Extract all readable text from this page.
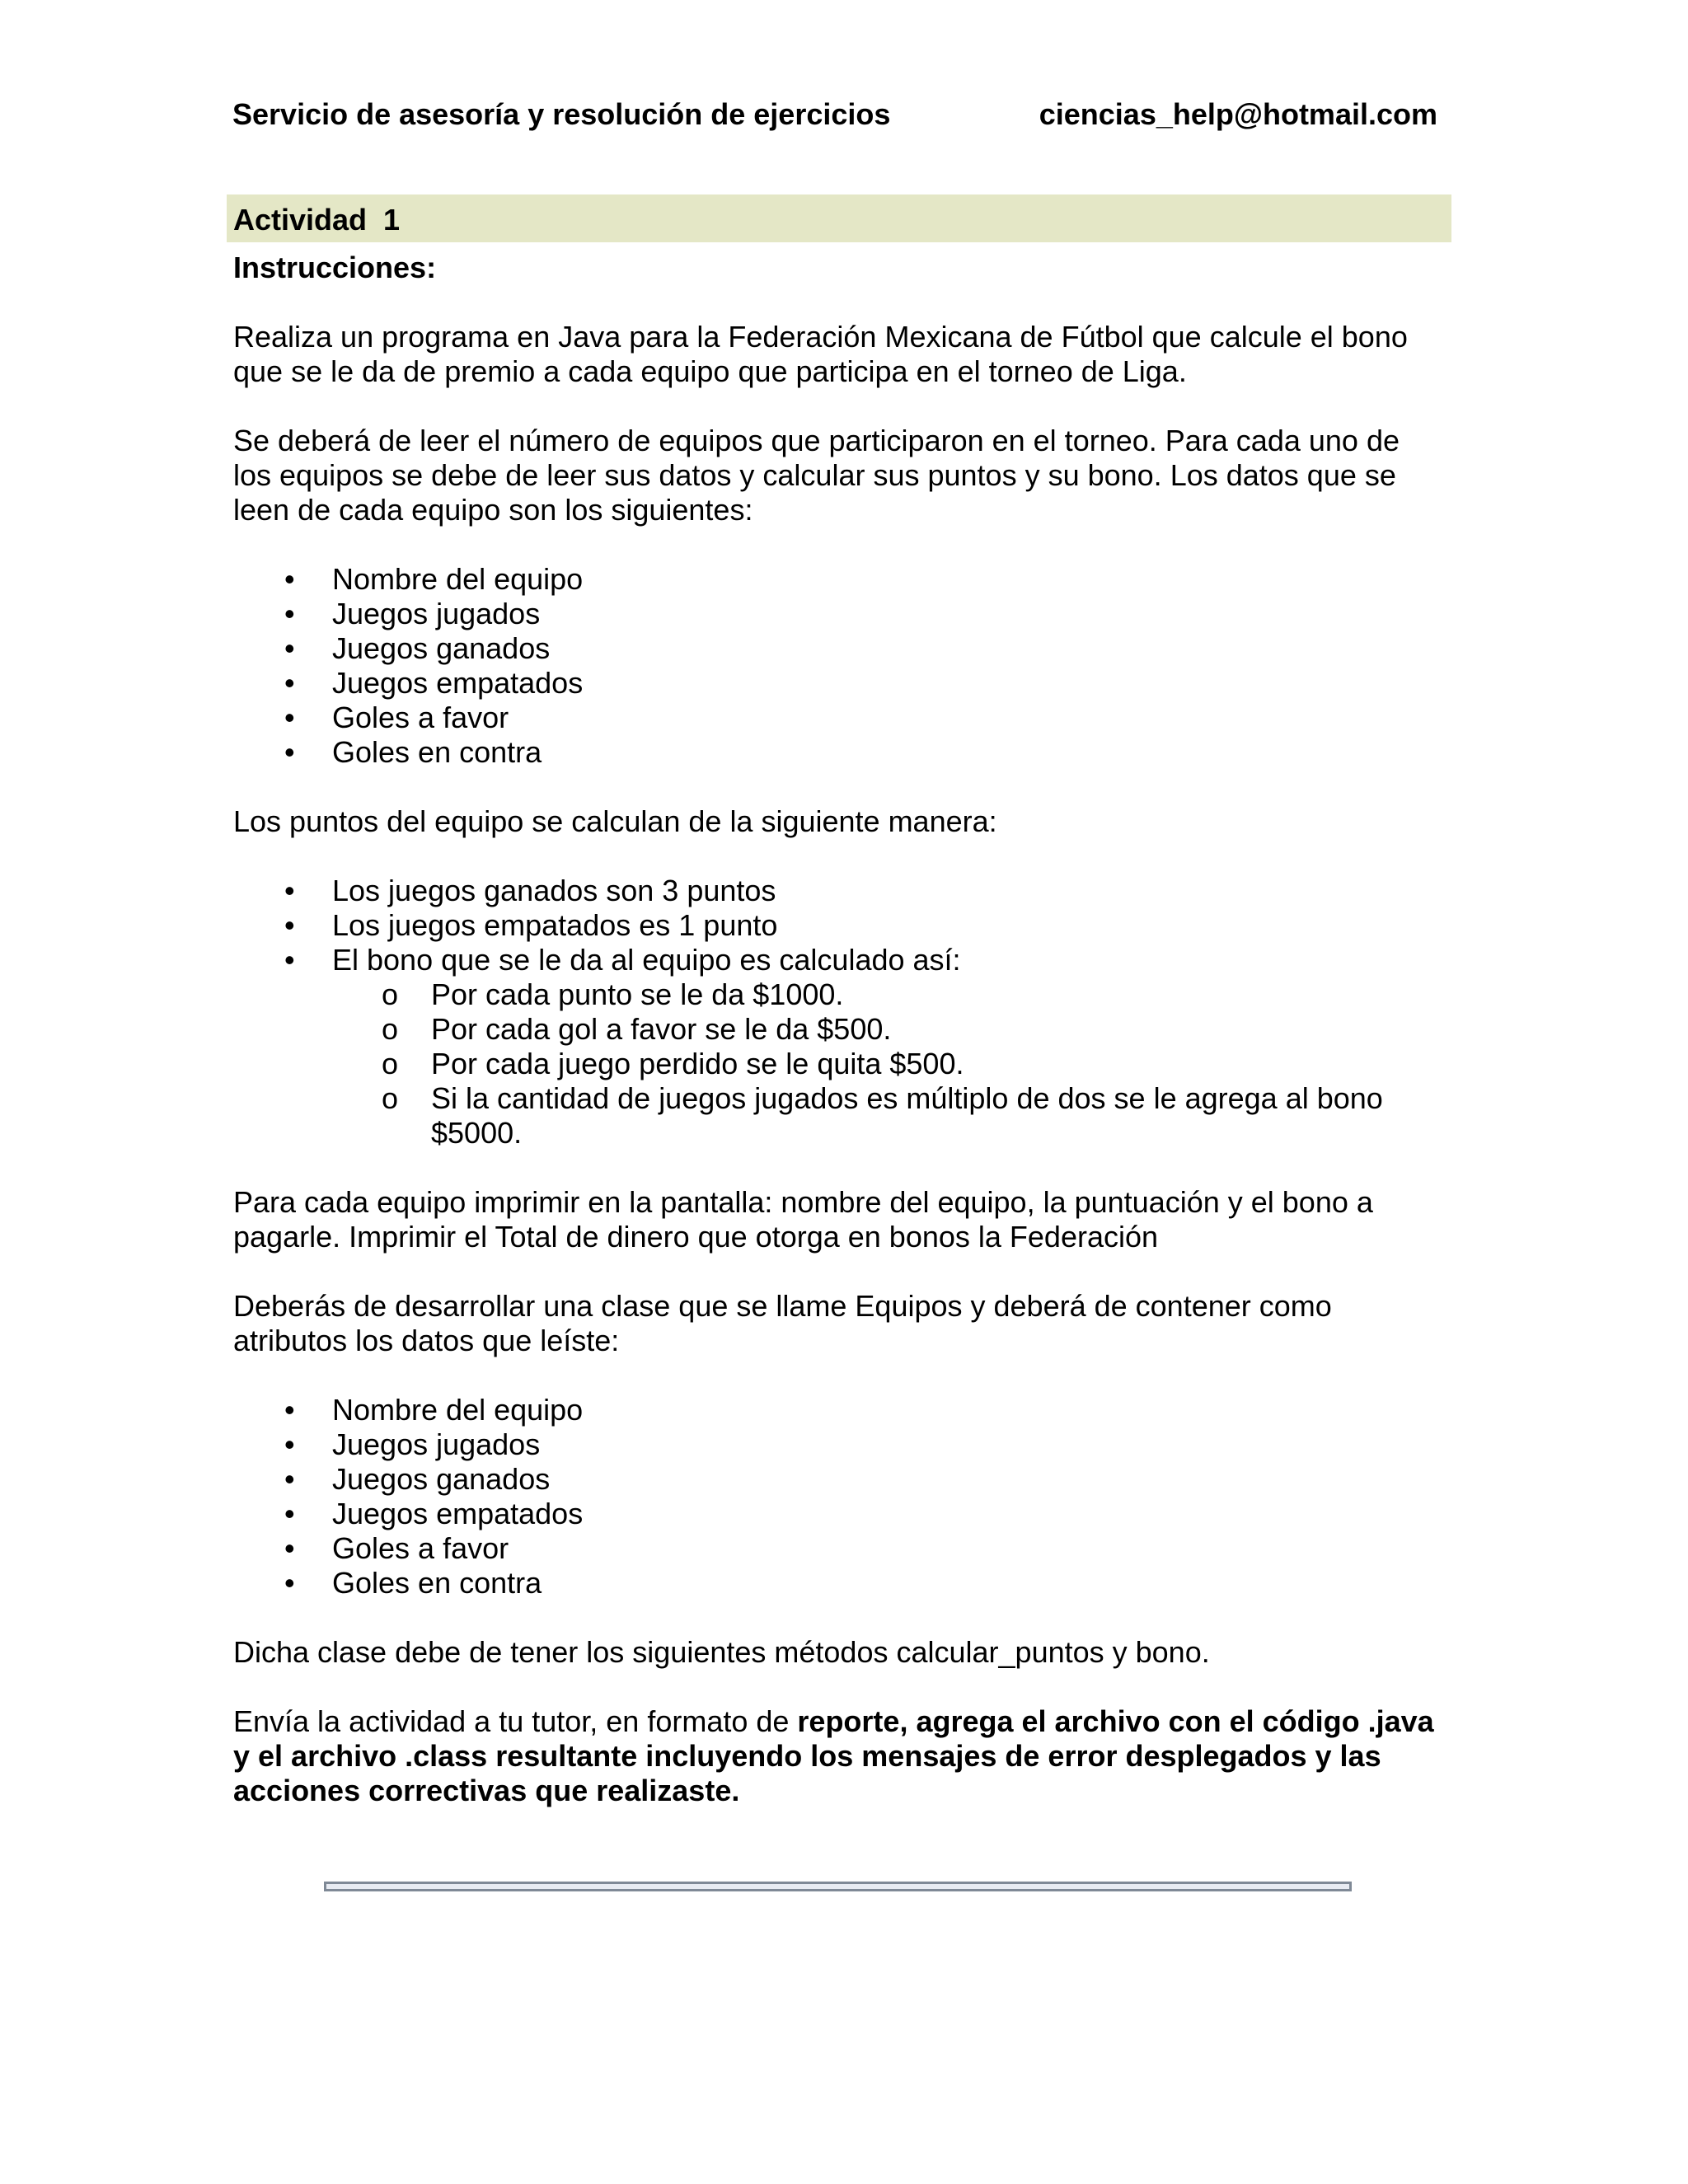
Servicio de asesoría y resolución de ejercicios	ciencias_help@hotmail.com
Actividad  1

Instrucciones:

Realiza un programa en Java para la Federación Mexicana de Fútbol que calcule el bono que se le da de premio a cada equipo que participa en el torneo de Liga.

Se deberá de leer el número de equipos que participaron en el torneo. Para cada uno de los equipos se debe de leer sus datos y calcular sus puntos y su bono. Los datos que se leen de cada equipo son los siguientes:

• Nombre del equipo
• Juegos jugados
• Juegos ganados
• Juegos empatados
• Goles a favor
• Goles en contra

Los puntos del equipo se calculan de la siguiente manera:

• Los juegos ganados son 3 puntos
• Los juegos empatados es 1 punto
• El bono que se le da al equipo es calculado así:
o Por cada punto se le da $1000.
o Por cada gol a favor se le da $500.
o Por cada juego perdido se le quita $500.
o Si la cantidad de juegos jugados es múltiplo de dos se le agrega al bono $5000.

Para cada equipo imprimir en la pantalla: nombre del equipo, la puntuación y el bono a pagarle. Imprimir el Total de dinero que otorga en bonos la Federación

Deberás de desarrollar una clase que se llame Equipos y deberá de contener como atributos los datos que leíste:

• Nombre del equipo
• Juegos jugados
• Juegos ganados
• Juegos empatados
• Goles a favor
• Goles en contra

Dicha clase debe de tener los siguientes métodos calcular_puntos y bono.

Envía la actividad a tu tutor, en formato de reporte, agrega el archivo con el código .java y el archivo .class resultante incluyendo los mensajes de error desplegados y las acciones correctivas que realizaste.
